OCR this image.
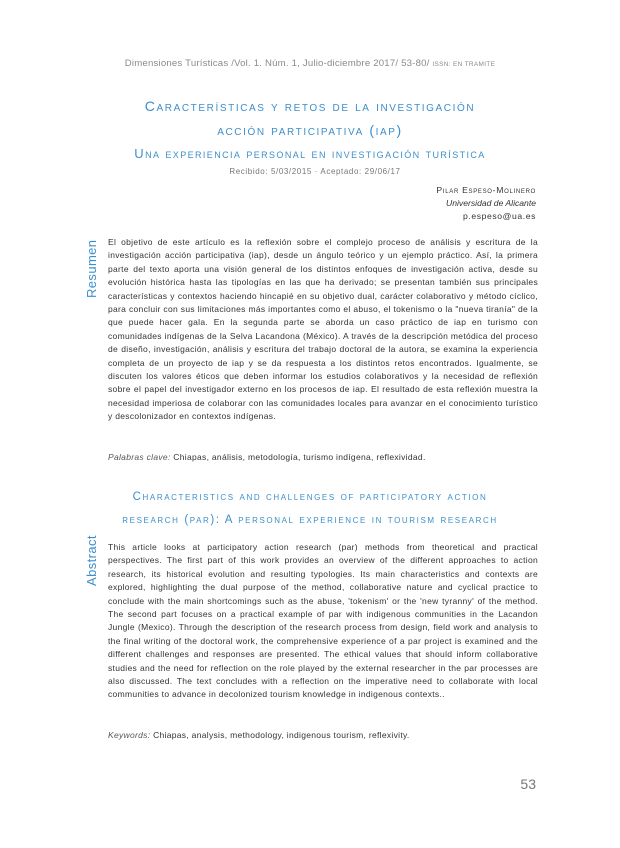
Dimensiones Turísticas /Vol. 1. Núm. 1, Julio-diciembre 2017/ 53-80/ ISSN: EN TRAMITE
Características y retos de la investigación
acción participativa (iap)
Una experiencia personal en investigación turística
Recibido: 5/03/2015 · Aceptado: 29/06/17
Pilar Espeso-Molinero
Universidad de Alicante
p.espeso@ua.es
Resumen El objetivo de este artículo es la reflexión sobre el complejo proceso de análisis y escritura de la investigación acción participativa (iap), desde un ángulo teórico y un ejemplo práctico. Así, la primera parte del texto aporta una visión general de los distintos enfoques de investigación activa, desde su evolución histórica hasta las tipologías en las que ha derivado; se presentan también sus principales características y contextos haciendo hincapié en su objetivo dual, carácter colaborativo y método cíclico, para concluir con sus limitaciones más importantes como el abuso, el tokenismo o la "nueva tiranía" de la que puede hacer gala. En la segunda parte se aborda un caso práctico de iap en turismo con comunidades indígenas de la Selva Lacandona (México). A través de la descripción metódica del proceso de diseño, investigación, análisis y escritura del trabajo doctoral de la autora, se examina la experiencia completa de un proyecto de iap y se da respuesta a los distintos retos encontrados. Igualmente, se discuten los valores éticos que deben informar los estudios colaborativos y la necesidad de reflexión sobre el papel del investigador externo en los procesos de iap. El resultado de esta reflexión muestra la necesidad imperiosa de colaborar con las comunidades locales para avanzar en el conocimiento turístico y descolonizador en contextos indígenas.
Palabras clave: Chiapas, análisis, metodología, turismo indígena, reflexividad.
Characteristics and challenges of participatory action
research (par): A personal experience in tourism research
Abstract This article looks at participatory action research (par) methods from theoretical and practical perspectives. The first part of this work provides an overview of the different approaches to action research, its historical evolution and resulting typologies. Its main characteristics and contexts are explored, highlighting the dual purpose of the method, collaborative nature and cyclical practice to conclude with the main shortcomings such as the abuse, 'tokenism' or the 'new tyranny' of the method. The second part focuses on a practical example of par with indigenous communities in the Lacandon Jungle (Mexico). Through the description of the research process from design, field work and analysis to the final writing of the doctoral work, the comprehensive experience of a par project is examined and the different challenges and responses are presented. The ethical values that should inform collaborative studies and the need for reflection on the role played by the external researcher in the par processes are also discussed. The text concludes with a reflection on the imperative need to collaborate with local communities to advance in decolonized tourism knowledge in indigenous contexts..
Keywords: Chiapas, analysis, methodology, indigenous tourism, reflexivity.
53
